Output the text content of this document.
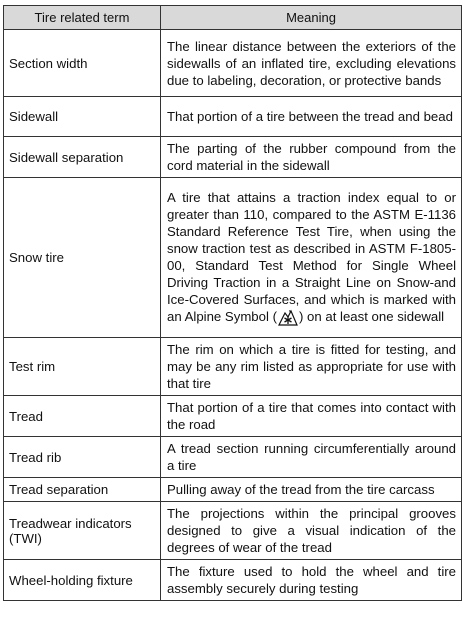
Tire related term	Meaning
Section width	The linear distance between the exteriors of the sidewalls of an inflated tire, excluding elevations due to labeling, decoration, or protective bands
Sidewall	That portion of a tire between the tread and bead
Sidewall separation	The parting of the rubber compound from the cord material in the sidewall
Snow tire	A tire that attains a traction index equal to or greater than 110, compared to the ASTM E-1136 Standard Reference Test Tire, when using the snow traction test as described in ASTM F-1805-00, Standard Test Method for Single Wheel Driving Traction in a Straight Line on Snow-and Ice-Covered Surfaces, and which is marked with an Alpine Symbol ( ) on at least one sidewall
Test rim	The rim on which a tire is fitted for testing, and may be any rim listed as appropriate for use with that tire
Tread	That portion of a tire that comes into contact with the road
Tread rib	A tread section running circumferentially around a tire
Tread separation	Pulling away of the tread from the tire carcass
Treadwear indicators (TWI)	The projections within the principal grooves designed to give a visual indication of the degrees of wear of the tread
Wheel-holding fixture	The fixture used to hold the wheel and tire assembly securely during testing
